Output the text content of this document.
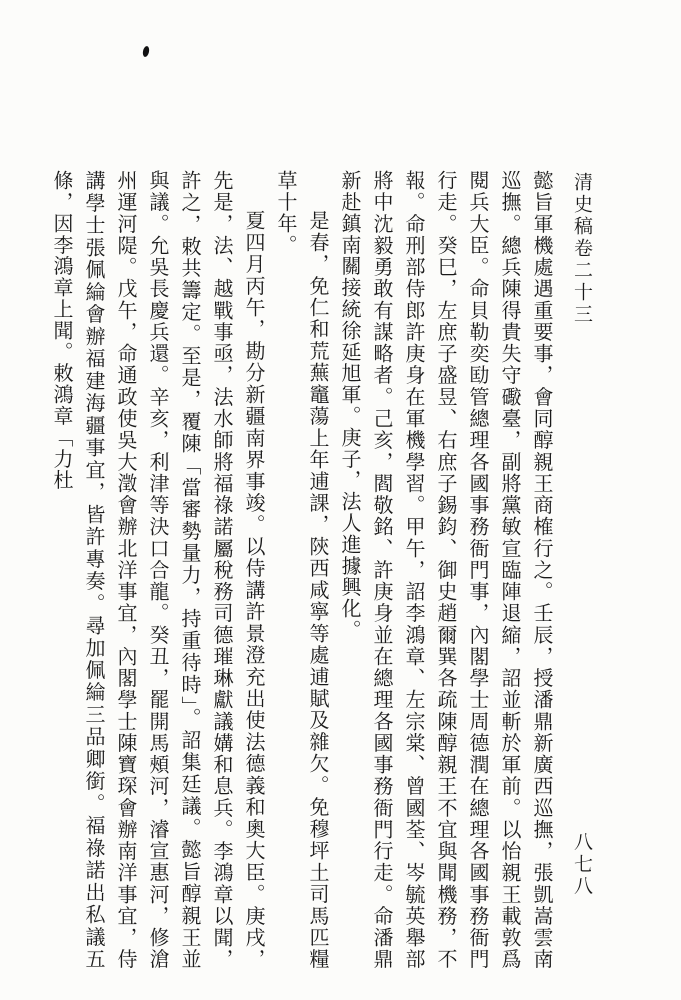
清史稿卷二十三
八七八

懿旨軍機處遇重要事，會同醇親王商榷行之。壬辰，授潘鼎新廣西巡撫，張凱嵩雲南巡撫。總兵陳得貴失守礮臺，副將黨敏宣臨陣退縮，詔並斬於軍前。以怡親王載敦爲閱兵大臣。命貝勒奕劻管總理各國事務衙門事，內閣學士周德潤在總理各國事務衙門行走。癸巳，左庶子盛昱、右庶子錫鈞、御史趙爾巽各疏陳醇親王不宜與聞機務，不報。命刑部侍郎許庚身在軍機學習。甲午，詔李鴻章、左宗棠、曾國荃、岑毓英舉部將中沈毅勇敢有謀略者。己亥，閻敬銘、許庚身並在總理各國事務衙門行走。命潘鼎新赴鎮南關接統徐延旭軍。庚子，法人進據興化。

是春，免仁和荒蕪竈蕩上年逋課，陝西咸寧等處逋賦及雜欠。免穆坪土司馬匹糧草十年。

夏四月丙午，勘分新疆南界事竣。以侍講許景澄充出使法德義和奧大臣。庚戌，先是，法、越戰事亟，法水師將福祿諾屬稅務司德璀琳獻議媾和息兵。李鴻章以聞，許之，敕共籌定。至是，覆陳「當審勢量力，持重待時」。詔集廷議。懿旨醇親王並與議。允吳長慶兵還。辛亥，利津等決口合龍。癸丑，罷開馬頰河，濬宣惠河，修滄州運河隄。戊午，命通政使吳大澂會辦北洋事宜，內閣學士陳寶琛會辦南洋事宜，侍講學士張佩綸會辦福建海疆事宜，皆許專奏。尋加佩綸三品卿銜。福祿諾出私議五條，因李鴻章上聞。敕鴻章「力杜
